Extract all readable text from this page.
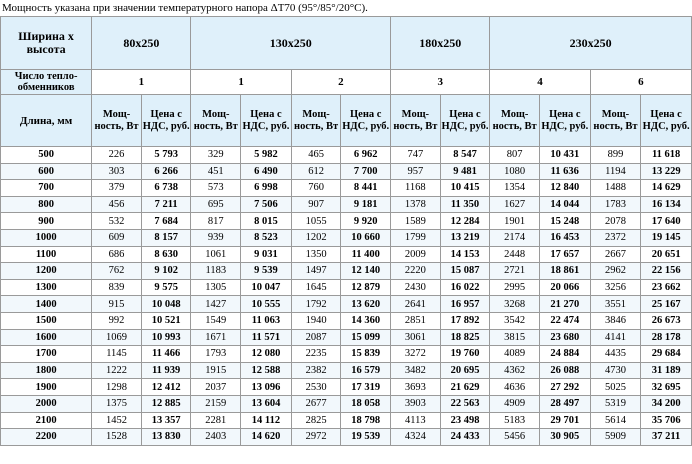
Мощность указана при значении температурного напора ΔT70 (95°/85°/20°С).
Ширина х высота	80x250		130x250				180x250		230x250			
Число тепло-обменников	1		1		2		3		4		6	
Длина, мм	Мощ-ность, Вт	Цена с НДС, руб.	Мощ-ность, Вт	Цена с НДС, руб.	Мощ-ность, Вт	Цена с НДС, руб.	Мощ-ность, Вт	Цена с НДС, руб.	Мощ-ность, Вт	Цена с НДС, руб.	Мощ-ность, Вт	Цена с НДС, руб.
500	226	5 793	329	5 982	465	6 962	747	8 547	807	10 431	899	11 618
600	303	6 266	451	6 490	612	7 700	957	9 481	1080	11 636	1194	13 229
700	379	6 738	573	6 998	760	8 441	1168	10 415	1354	12 840	1488	14 629
800	456	7 211	695	7 506	907	9 181	1378	11 350	1627	14 044	1783	16 134
900	532	7 684	817	8 015	1055	9 920	1589	12 284	1901	15 248	2078	17 640
1000	609	8 157	939	8 523	1202	10 660	1799	13 219	2174	16 453	2372	19 145
1100	686	8 630	1061	9 031	1350	11 400	2009	14 153	2448	17 657	2667	20 651
1200	762	9 102	1183	9 539	1497	12 140	2220	15 087	2721	18 861	2962	22 156
1300	839	9 575	1305	10 047	1645	12 879	2430	16 022	2995	20 066	3256	23 662
1400	915	10 048	1427	10 555	1792	13 620	2641	16 957	3268	21 270	3551	25 167
1500	992	10 521	1549	11 063	1940	14 360	2851	17 892	3542	22 474	3846	26 673
1600	1069	10 993	1671	11 571	2087	15 099	3061	18 825	3815	23 680	4141	28 178
1700	1145	11 466	1793	12 080	2235	15 839	3272	19 760	4089	24 884	4435	29 684
1800	1222	11 939	1915	12 588	2382	16 579	3482	20 695	4362	26 088	4730	31 189
1900	1298	12 412	2037	13 096	2530	17 319	3693	21 629	4636	27 292	5025	32 695
2000	1375	12 885	2159	13 604	2677	18 058	3903	22 563	4909	28 497	5319	34 200
2100	1452	13 357	2281	14 112	2825	18 798	4113	23 498	5183	29 701	5614	35 706
2200	1528	13 830	2403	14 620	2972	19 539	4324	24 433	5456	30 905	5909	37 211
